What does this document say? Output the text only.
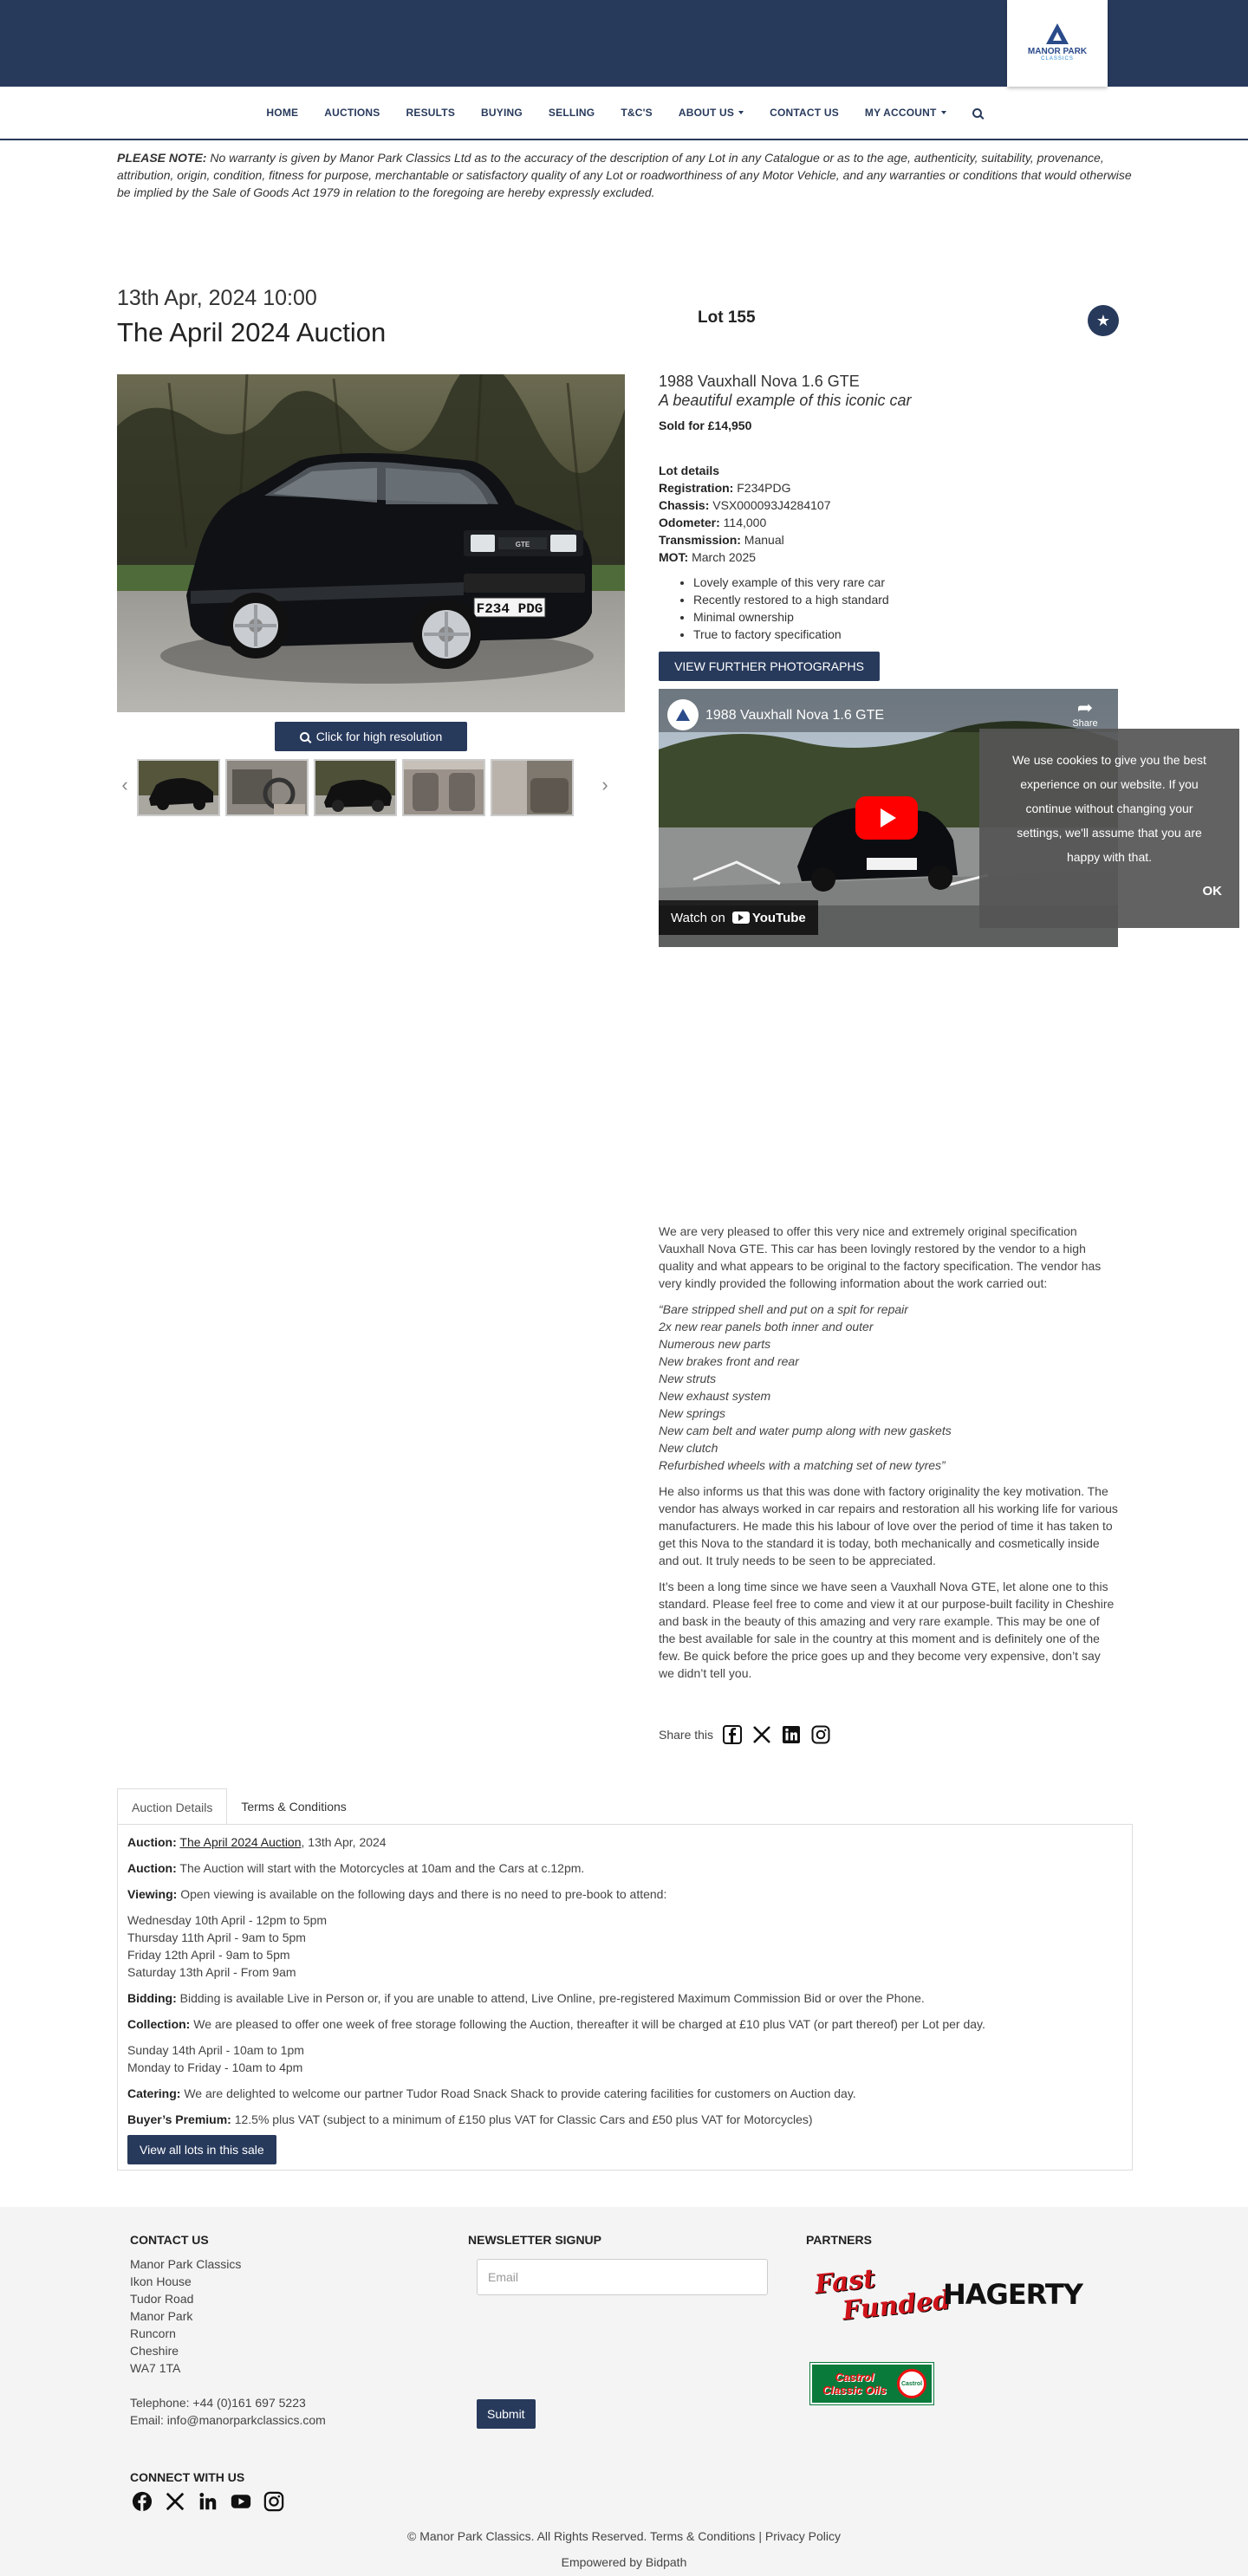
MANOR PARK
CLASSICS
HOME	AUCTIONS	RESULTS	BUYING	SELLING	T&C'S	ABOUT US	CONTACT US	MY ACCOUNT
PLEASE NOTE: No warranty is given by Manor Park Classics Ltd as to the accuracy of the description of any Lot in any Catalogue or as to the age, authenticity, suitability, provenance, attribution, origin, condition, fitness for purpose, merchantable or satisfactory quality of any Lot or roadworthiness of any Motor Vehicle, and any warranties or conditions that would otherwise be implied by the Sale of Goods Act 1979 in relation to the foregoing are hereby expressly excluded.
13th Apr, 2024 10:00
The April 2024 Auction	Lot 155	★
GTE
F234 PDG
Click for high resolution
‹	›
1988 Vauxhall Nova 1.6 GTE
A beautiful example of this iconic car
Sold for £14,950
Lot details
Registration: F234PDG
Chassis: VSX000093J4284107
Odometer: 114,000
Transmission: Manual
MOT: March 2025
• Lovely example of this very rare car
• Recently restored to a high standard
• Minimal ownership
• True to factory specification
VIEW FURTHER PHOTOGRAPHS
1988 Vauxhall Nova 1.6 GTE	➦
Share
Watch on YouTube
We use cookies to give you the best experience on our website. If you continue without changing your settings, we'll assume that you are happy with that.
OK

We are very pleased to offer this very nice and extremely original specification Vauxhall Nova GTE. This car has been lovingly restored by the vendor to a high quality and what appears to be original to the factory specification. The vendor has very kindly provided the following information about the work carried out:

“Bare stripped shell and put on a spit for repair
2x new rear panels both inner and outer
Numerous new parts
New brakes front and rear
New struts
New exhaust system
New springs
New cam belt and water pump along with new gaskets
New clutch
Refurbished wheels with a matching set of new tyres”

He also informs us that this was done with factory originality the key motivation. The vendor has always worked in car repairs and restoration all his working life for various manufacturers. He made this his labour of love over the period of time it has taken to get this Nova to the standard it is today, both mechanically and cosmetically inside and out. It truly needs to be seen to be appreciated.

It’s been a long time since we have seen a Vauxhall Nova GTE, let alone one to this standard. Please feel free to come and view it at our purpose-built facility in Cheshire and bask in the beauty of this amazing and very rare example. This may be one of the best available for sale in the country at this moment and is definitely one of the few. Be quick before the price goes up and they become very expensive, don’t say we didn’t tell you.

Share this
Auction Details	Terms & Conditions

Auction: The April 2024 Auction, 13th Apr, 2024

Auction: The Auction will start with the Motorcycles at 10am and the Cars at c.12pm.

Viewing: Open viewing is available on the following days and there is no need to pre-book to attend:

Wednesday 10th April - 12pm to 5pm
Thursday 11th April - 9am to 5pm
Friday 12th April - 9am to 5pm
Saturday 13th April - From 9am

Bidding: Bidding is available Live in Person or, if you are unable to attend, Live Online, pre-registered Maximum Commission Bid or over the Phone.

Collection: We are pleased to offer one week of free storage following the Auction, thereafter it will be charged at £10 plus VAT (or part thereof) per Lot per day.

Sunday 14th April - 10am to 1pm
Monday to Friday - 10am to 4pm

Catering: We are delighted to welcome our partner Tudor Road Snack Shack to provide catering facilities for customers on Auction day.

Buyer’s Premium: 12.5% plus VAT (subject to a minimum of £150 plus VAT for Classic Cars and £50 plus VAT for Motorcycles)

View all lots in this sale
CONTACT US
Manor Park Classics
Ikon House
Tudor Road
Manor Park
Runcorn
Cheshire
WA7 1TA
Telephone: +44 (0)161 697 5223
Email: info@manorparkclassics.com
NEWSLETTER SIGNUP
Email
Submit
PARTNERS
Fast
Funded
HAGERTY
Castrol
Classic Oils	Castrol
CONNECT WITH US
© Manor Park Classics. All Rights Reserved. Terms & Conditions | Privacy Policy
Empowered by Bidpath
